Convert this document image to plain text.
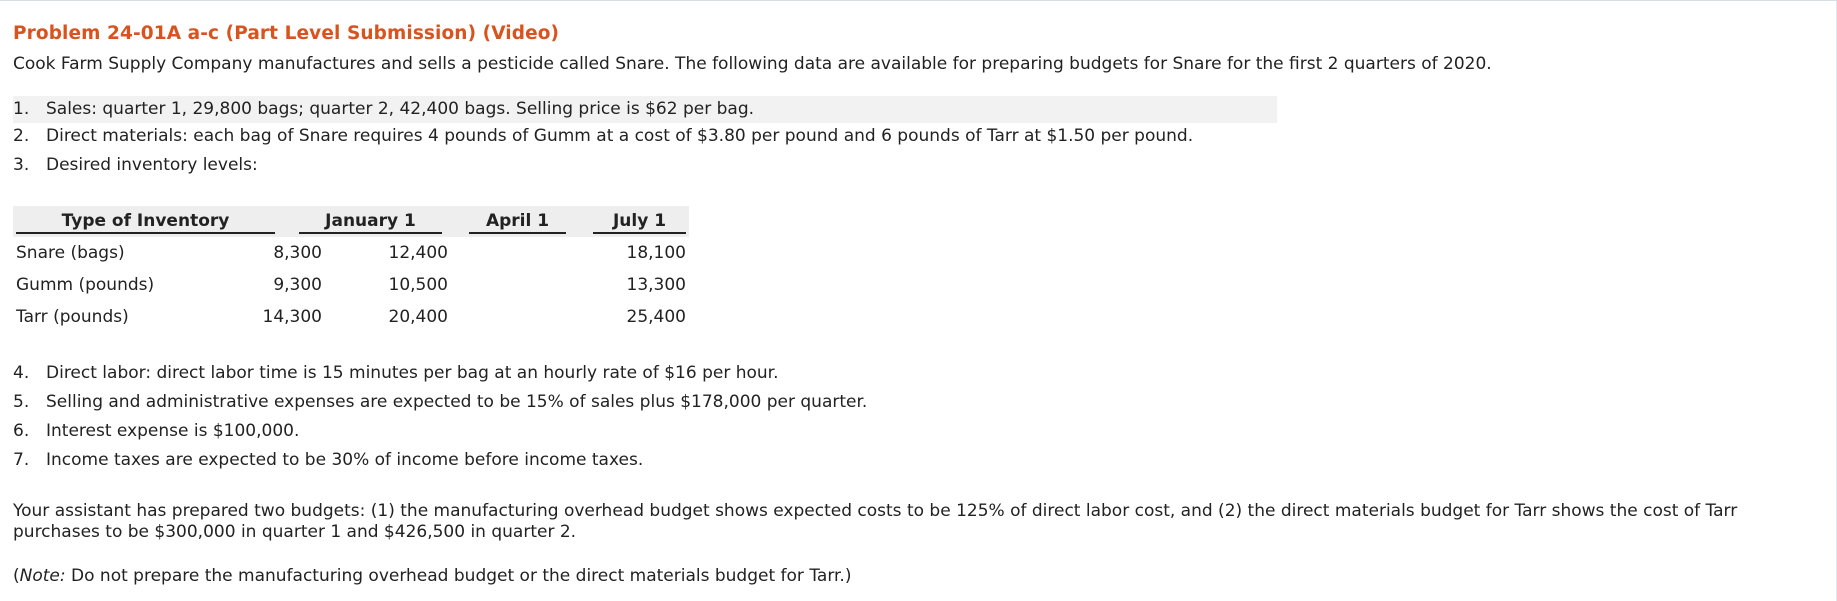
Problem 24-01A a-c (Part Level Submission) (Video)
Cook Farm Supply Company manufactures and sells a pesticide called Snare. The following data are available for preparing budgets for Snare for the first 2 quarters of 2020.
1. Sales: quarter 1, 29,800 bags; quarter 2, 42,400 bags. Selling price is $62 per bag.
2. Direct materials: each bag of Snare requires 4 pounds of Gumm at a cost of $3.80 per pound and 6 pounds of Tarr at $1.50 per pound.
3. Desired inventory levels:
Type of Inventory	January 1	April 1	July 1
Snare (bags)	8,300	12,400	18,100
Gumm (pounds)	9,300	10,500	13,300
Tarr (pounds)	14,300	20,400	25,400
4. Direct labor: direct labor time is 15 minutes per bag at an hourly rate of $16 per hour.
5. Selling and administrative expenses are expected to be 15% of sales plus $178,000 per quarter.
6. Interest expense is $100,000.
7. Income taxes are expected to be 30% of income before income taxes.
Your assistant has prepared two budgets: (1) the manufacturing overhead budget shows expected costs to be 125% of direct labor cost, and (2) the direct materials budget for Tarr shows the cost of Tarr purchases to be $300,000 in quarter 1 and $426,500 in quarter 2.
(Note: Do not prepare the manufacturing overhead budget or the direct materials budget for Tarr.)
